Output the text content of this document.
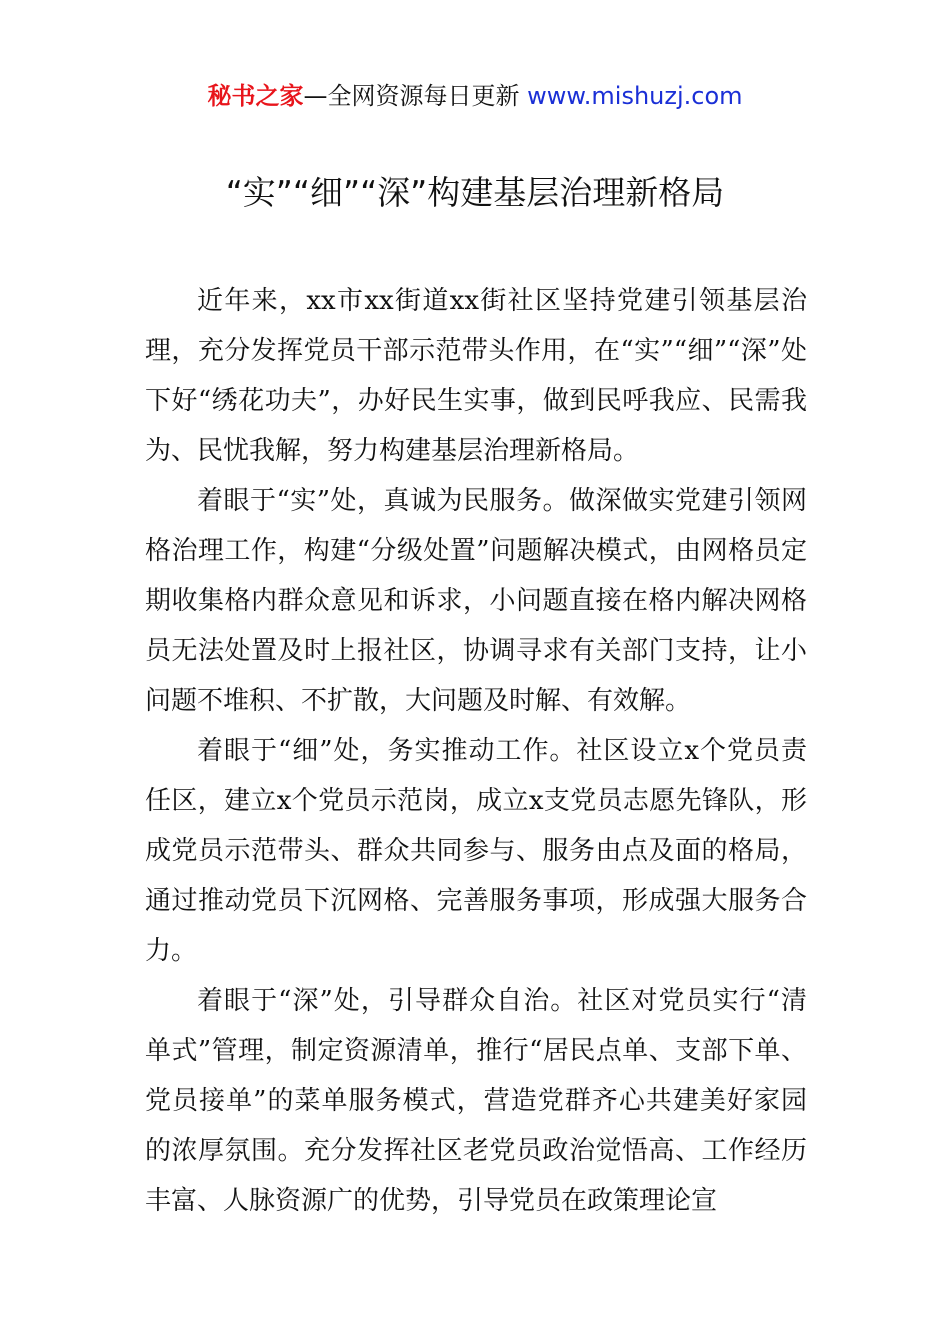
秘书之家—全网资源每日更新 www.mishuzj.com
“实”“细”“深”构建基层治理新格局

近年来，xx市xx街道xx街社区坚持党建引领基层治理，充分发挥党员干部示范带头作用，在“实”“细”“深”处下好“绣花功夫”，办好民生实事，做到民呼我应、民需我为、民忧我解，努力构建基层治理新格局。

着眼于“实”处，真诚为民服务。做深做实党建引领网格治理工作，构建“分级处置”问题解决模式，由网格员定期收集格内群众意见和诉求，小问题直接在格内解决网格员无法处置及时上报社区，协调寻求有关部门支持，让小问题不堆积、不扩散，大问题及时解、有效解。

着眼于“细”处，务实推动工作。社区设立x个党员责任区，建立x个党员示范岗，成立x支党员志愿先锋队，形成党员示范带头、群众共同参与、服务由点及面的格局，通过推动党员下沉网格、完善服务事项，形成强大服务合力。

着眼于“深”处，引导群众自治。社区对党员实行“清单式”管理，制定资源清单，推行“居民点单、支部下单、党员接单”的菜单服务模式，营造党群齐心共建美好家园的浓厚氛围。充分发挥社区老党员政治觉悟高、工作经历丰富、人脉资源广的优势，引导党员在政策理论宣
